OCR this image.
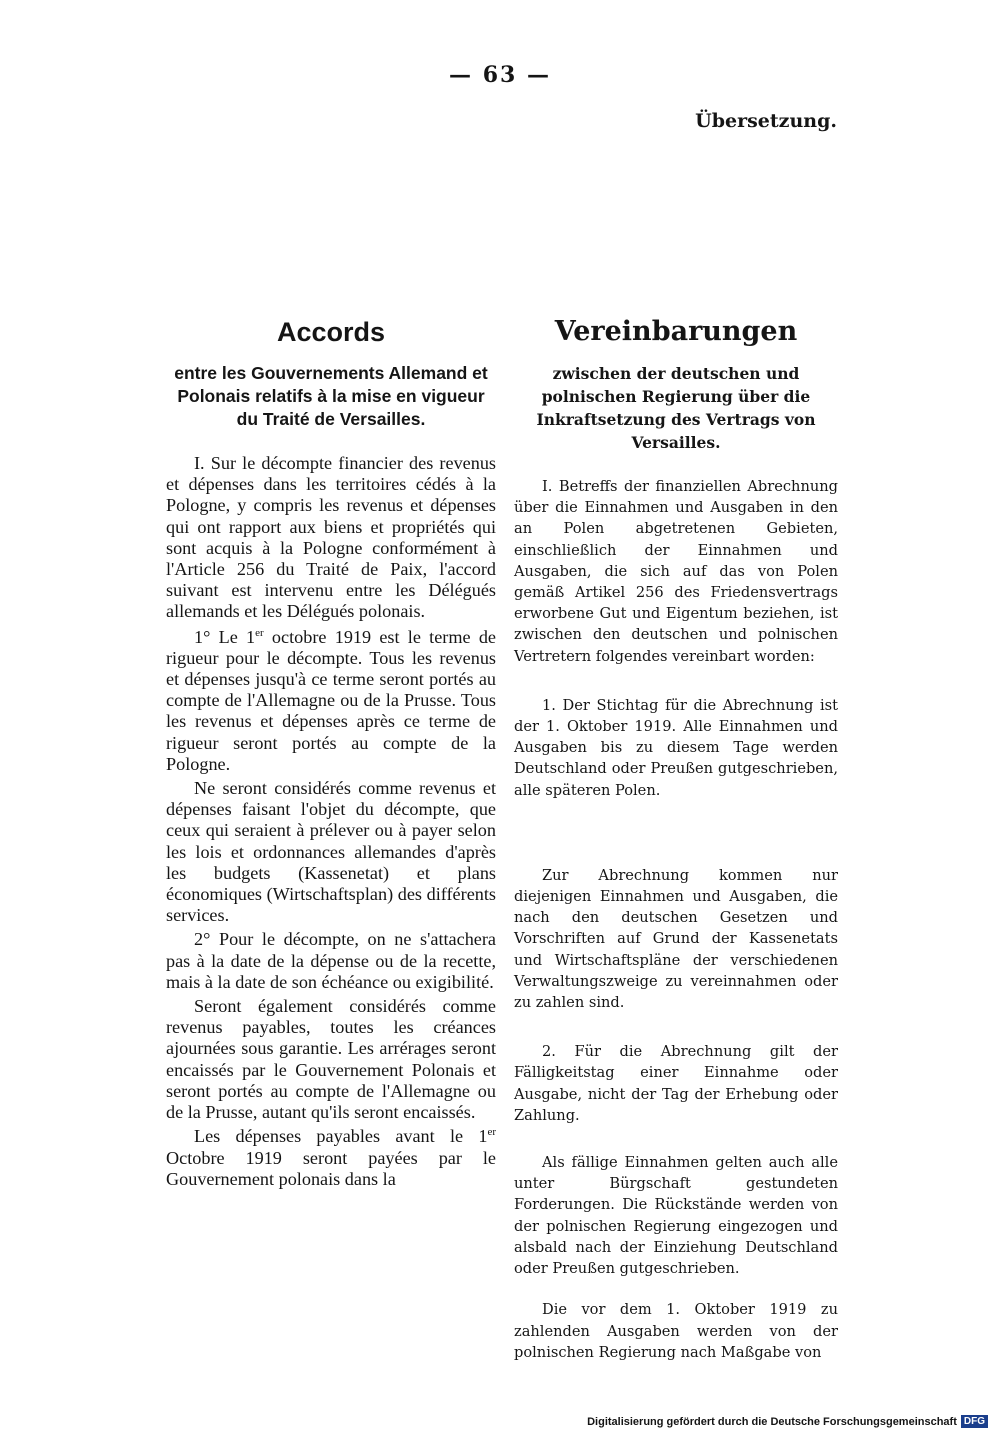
— 63 —
Übersetzung.
Accords
entre les Gouvernements Allemand et Polonais relatifs à la mise en vigueur du Traité de Versailles.

I. Sur le décompte financier des revenus et dépenses dans les territoires cédés à la Pologne, y compris les revenus et dépenses qui ont rapport aux biens et propriétés qui sont acquis à la Pologne conformément à l'Article 256 du Traité de Paix, l'accord suivant est intervenu entre les Délégués allemands et les Délégués polonais.

1° Le 1er octobre 1919 est le terme de rigueur pour le décompte. Tous les revenus et dépenses jusqu'à ce terme seront portés au compte de l'Allemagne ou de la Prusse. Tous les revenus et dépenses après ce terme de rigueur seront portés au compte de la Pologne.

Ne seront considérés comme revenus et dépenses faisant l'objet du décompte, que ceux qui seraient à prélever ou à payer selon les lois et ordonnances allemandes d'après les budgets (Kassenetat) et plans économiques (Wirtschaftsplan) des différents services.

2° Pour le décompte, on ne s'attachera pas à la date de la dépense ou de la recette, mais à la date de son échéance ou exigibilité.

Seront également considérés comme revenus payables, toutes les créances ajournées sous garantie. Les arrérages seront encaissés par le Gouvernement Polonais et seront portés au compte de l'Allemagne ou de la Prusse, autant qu'ils seront encaissés.

Les dépenses payables avant le 1er Octobre 1919 seront payées par le Gouvernement polonais dans la

Vereinbarungen
zwischen der deutschen und polnischen Regierung über die Inkraftsetzung des Vertrags von Versailles.

I. Betreffs der finanziellen Abrechnung über die Einnahmen und Ausgaben in den an Polen abgetretenen Gebieten, einschließlich der Einnahmen und Ausgaben, die sich auf das von Polen gemäß Artikel 256 des Friedensvertrags erworbene Gut und Eigentum beziehen, ist zwischen den deutschen und polnischen Vertretern folgendes vereinbart worden:

1. Der Stichtag für die Abrechnung ist der 1. Oktober 1919. Alle Einnahmen und Ausgaben bis zu diesem Tage werden Deutschland oder Preußen gutgeschrieben, alle späteren Polen.

Zur Abrechnung kommen nur diejenigen Einnahmen und Ausgaben, die nach den deutschen Gesetzen und Vorschriften auf Grund der Kassenetats und Wirtschaftspläne der verschiedenen Verwaltungszweige zu vereinnahmen oder zu zahlen sind.

2. Für die Abrechnung gilt der Fälligkeitstag einer Einnahme oder Ausgabe, nicht der Tag der Erhebung oder Zahlung.

Als fällige Einnahmen gelten auch alle unter Bürgschaft gestundeten Forderungen. Die Rückstände werden von der polnischen Regierung eingezogen und alsbald nach der Einziehung Deutschland oder Preußen gutgeschrieben.

Die vor dem 1. Oktober 1919 zu zahlenden Ausgaben werden von der polnischen Regierung nach Maßgabe von

Digitalisierung gefördert durch die Deutsche Forschungsgemeinschaft DFG
